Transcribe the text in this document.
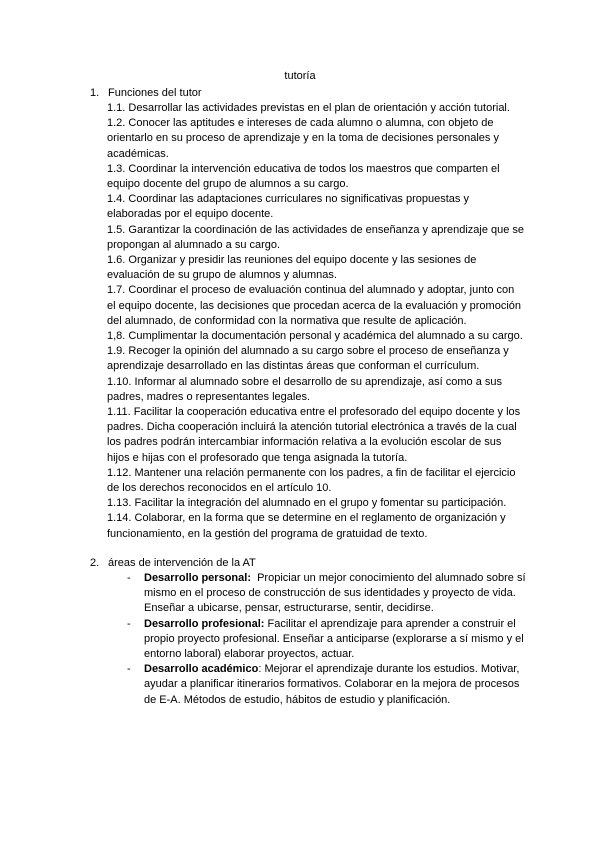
tutoría
1. Funciones del tutor
1.1. Desarrollar las actividades previstas en el plan de orientación y acción tutorial.
1.2. Conocer las aptitudes e intereses de cada alumno o alumna, con objeto de orientarlo en su proceso de aprendizaje y en la toma de decisiones personales y académicas.
1.3. Coordinar la intervención educativa de todos los maestros que comparten el equipo docente del grupo de alumnos a su cargo.
1.4. Coordinar las adaptaciones curriculares no significativas propuestas y elaboradas por el equipo docente.
1.5. Garantizar la coordinación de las actividades de enseñanza y aprendizaje que se propongan al alumnado a su cargo.
1.6. Organizar y presidir las reuniones del equipo docente y las sesiones de evaluación de su grupo de alumnos y alumnas.
1.7. Coordinar el proceso de evaluación continua del alumnado y adoptar, junto con el equipo docente, las decisiones que procedan acerca de la evaluación y promoción del alumnado, de conformidad con la normativa que resulte de aplicación.
1,8. Cumplimentar la documentación personal y académica del alumnado a su cargo.
1.9. Recoger la opinión del alumnado a su cargo sobre el proceso de enseñanza y aprendizaje desarrollado en las distintas áreas que conforman el currículum.
1.10. Informar al alumnado sobre el desarrollo de su aprendizaje, así como a sus padres, madres o representantes legales.
1.11. Facilitar la cooperación educativa entre el profesorado del equipo docente y los padres. Dicha cooperación incluirá la atención tutorial electrónica a través de la cual los padres podrán intercambiar información relativa a la evolución escolar de sus hijos e hijas con el profesorado que tenga asignada la tutoría.
1.12. Mantener una relación permanente con los padres, a fin de facilitar el ejercicio de los derechos reconocidos en el artículo 10.
1.13. Facilitar la integración del alumnado en el grupo y fomentar su participación.
1.14. Colaborar, en la forma que se determine en el reglamento de organización y funcionamiento, en la gestión del programa de gratuidad de texto.
2. áreas de intervención de la AT
- Desarrollo personal:  Propiciar un mejor conocimiento del alumnado sobre sí mismo en el proceso de construcción de sus identidades y proyecto de vida. Enseñar a ubicarse, pensar, estructurarse, sentir, decidirse.
- Desarrollo profesional: Facilitar el aprendizaje para aprender a construir el propio proyecto profesional. Enseñar a anticiparse (explorarse a sí mismo y el entorno laboral) elaborar proyectos, actuar.
- Desarrollo académico: Mejorar el aprendizaje durante los estudios. Motivar, ayudar a planificar itinerarios formativos. Colaborar en la mejora de procesos de E-A. Métodos de estudio, hábitos de estudio y planificación.
